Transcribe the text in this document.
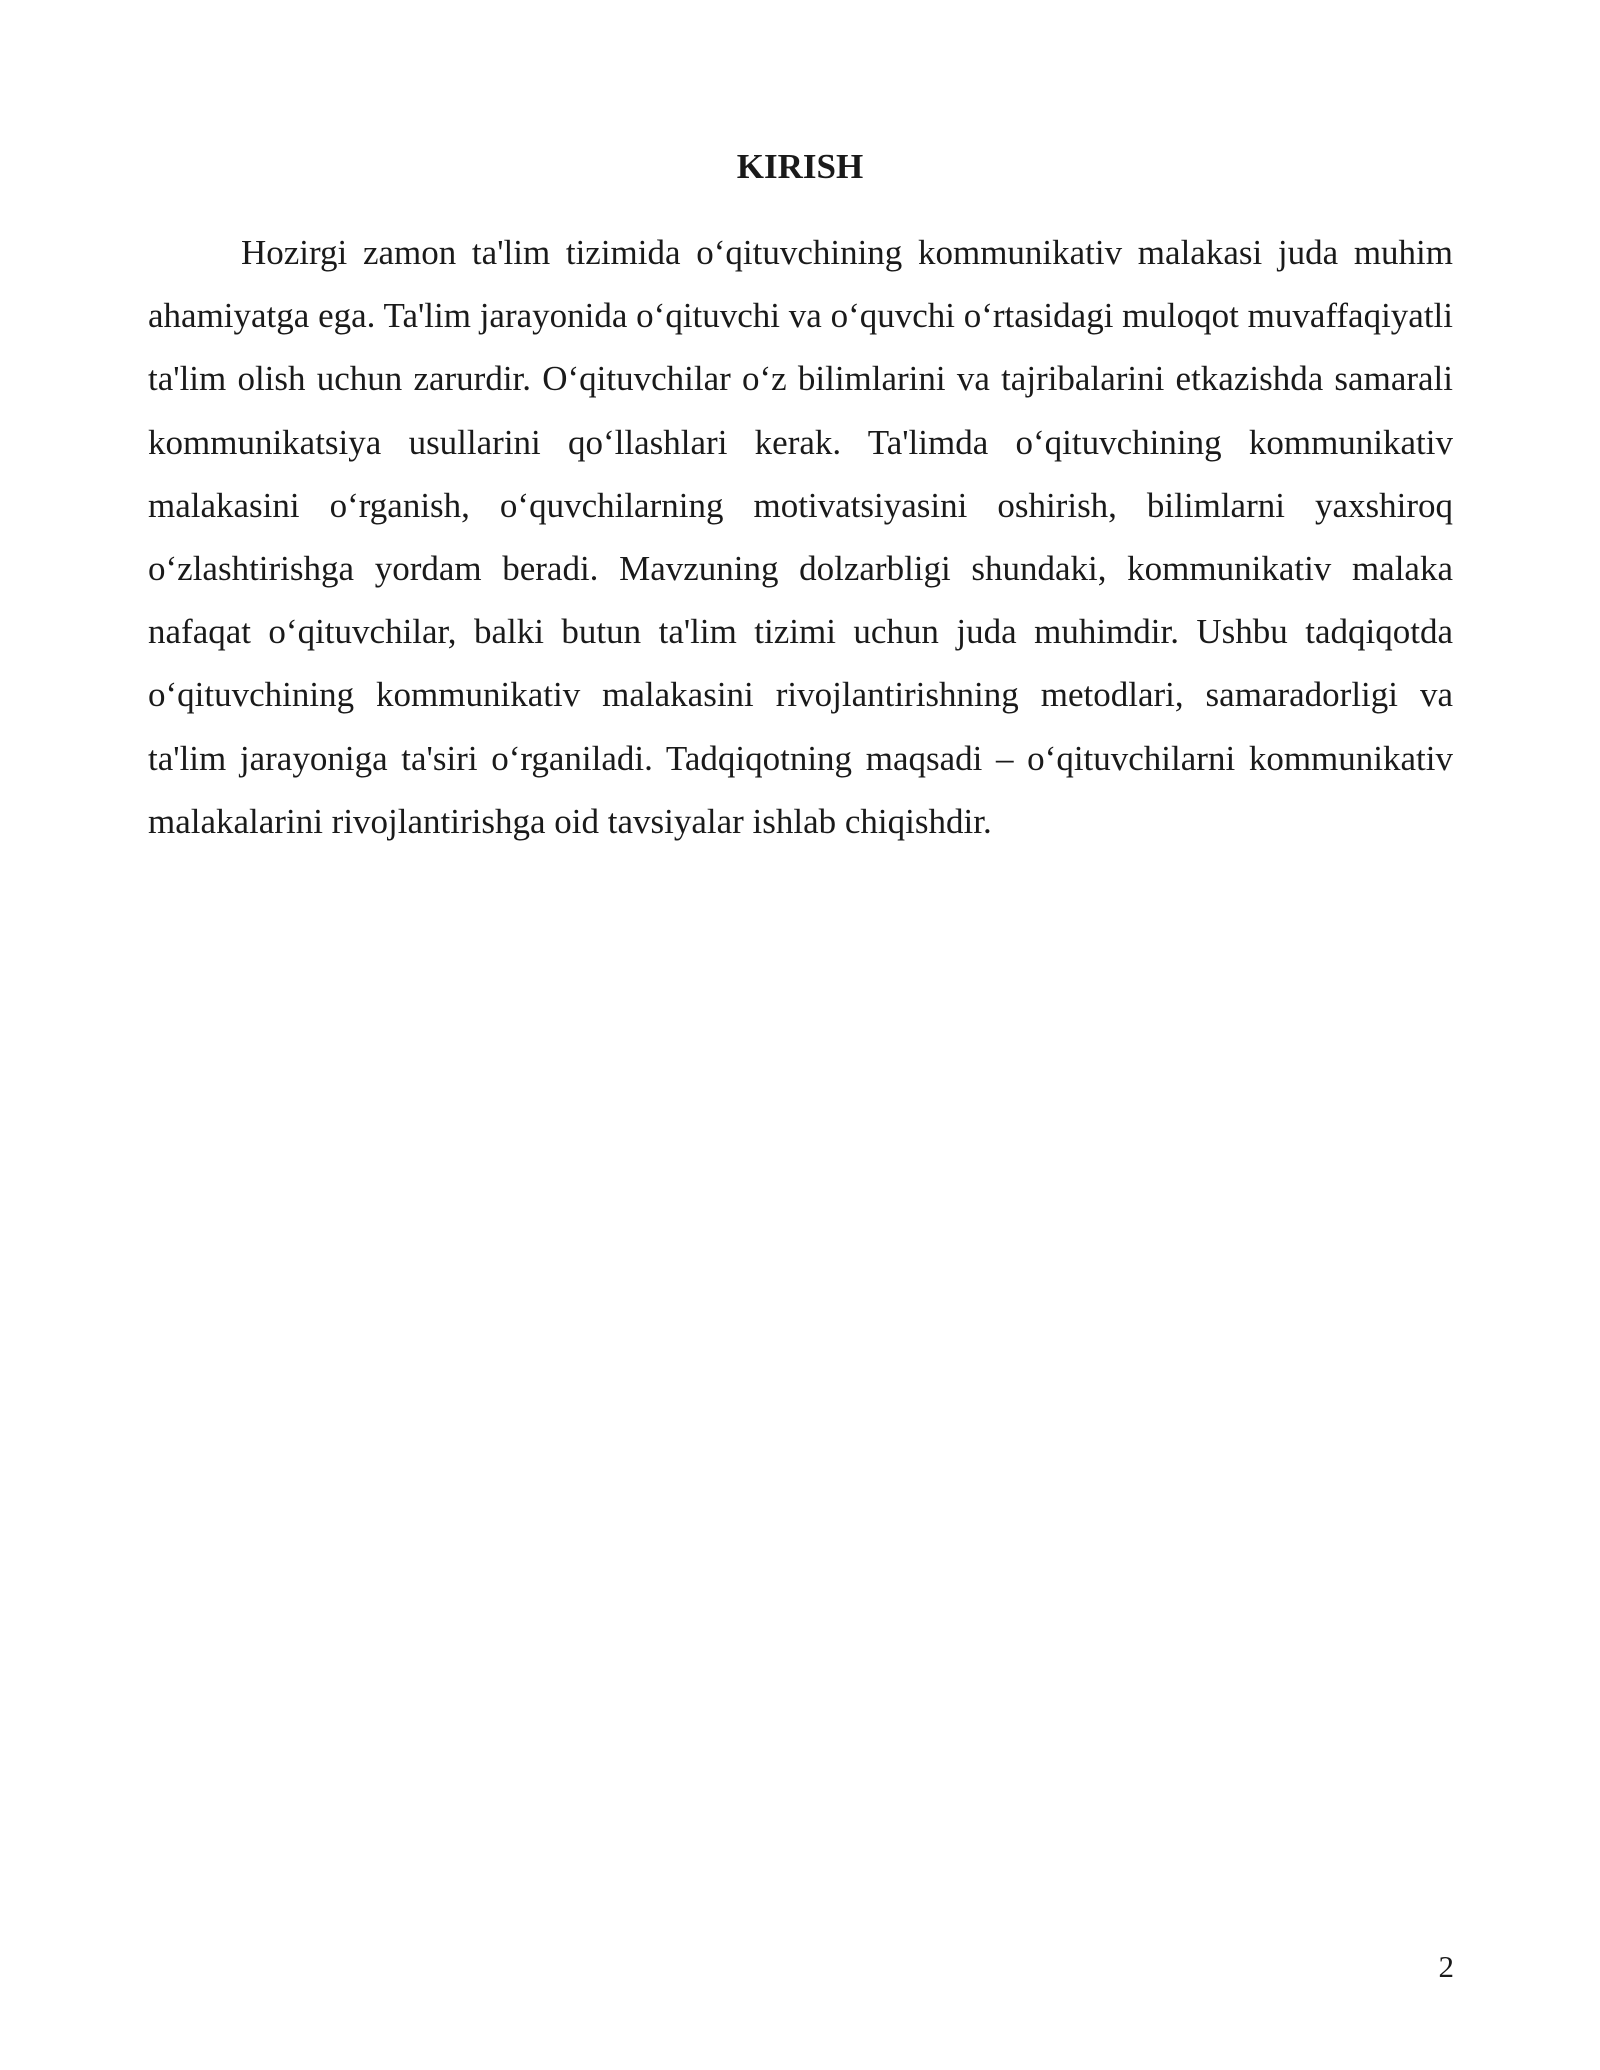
KIRISH

Hozirgi zamon ta'lim tizimida o‘qituvchining kommunikativ malakasi juda muhim ahamiyatga ega. Ta'lim jarayonida o‘qituvchi va o‘quvchi o‘rtasidagi muloqot muvaffaqiyatli ta'lim olish uchun zarurdir. O‘qituvchilar o‘z bilimlarini va tajribalarini etkazishda samarali kommunikatsiya usullarini qo‘llashlari kerak. Ta'limda o‘qituvchining kommunikativ malakasini o‘rganish, o‘quvchilarning motivatsiyasini oshirish, bilimlarni yaxshiroq o‘zlashtirishga yordam beradi. Mavzuning dolzarbligi shundaki, kommunikativ malaka nafaqat o‘qituvchilar, balki butun ta'lim tizimi uchun juda muhimdir. Ushbu tadqiqotda o‘qituvchining kommunikativ malakasini rivojlantirishning metodlari, samaradorligi va ta'lim jarayoniga ta'siri o‘rganiladi. Tadqiqotning maqsadi – o‘qituvchilarni kommunikativ malakalarini rivojlantirishga oid tavsiyalar ishlab chiqishdir.

2
